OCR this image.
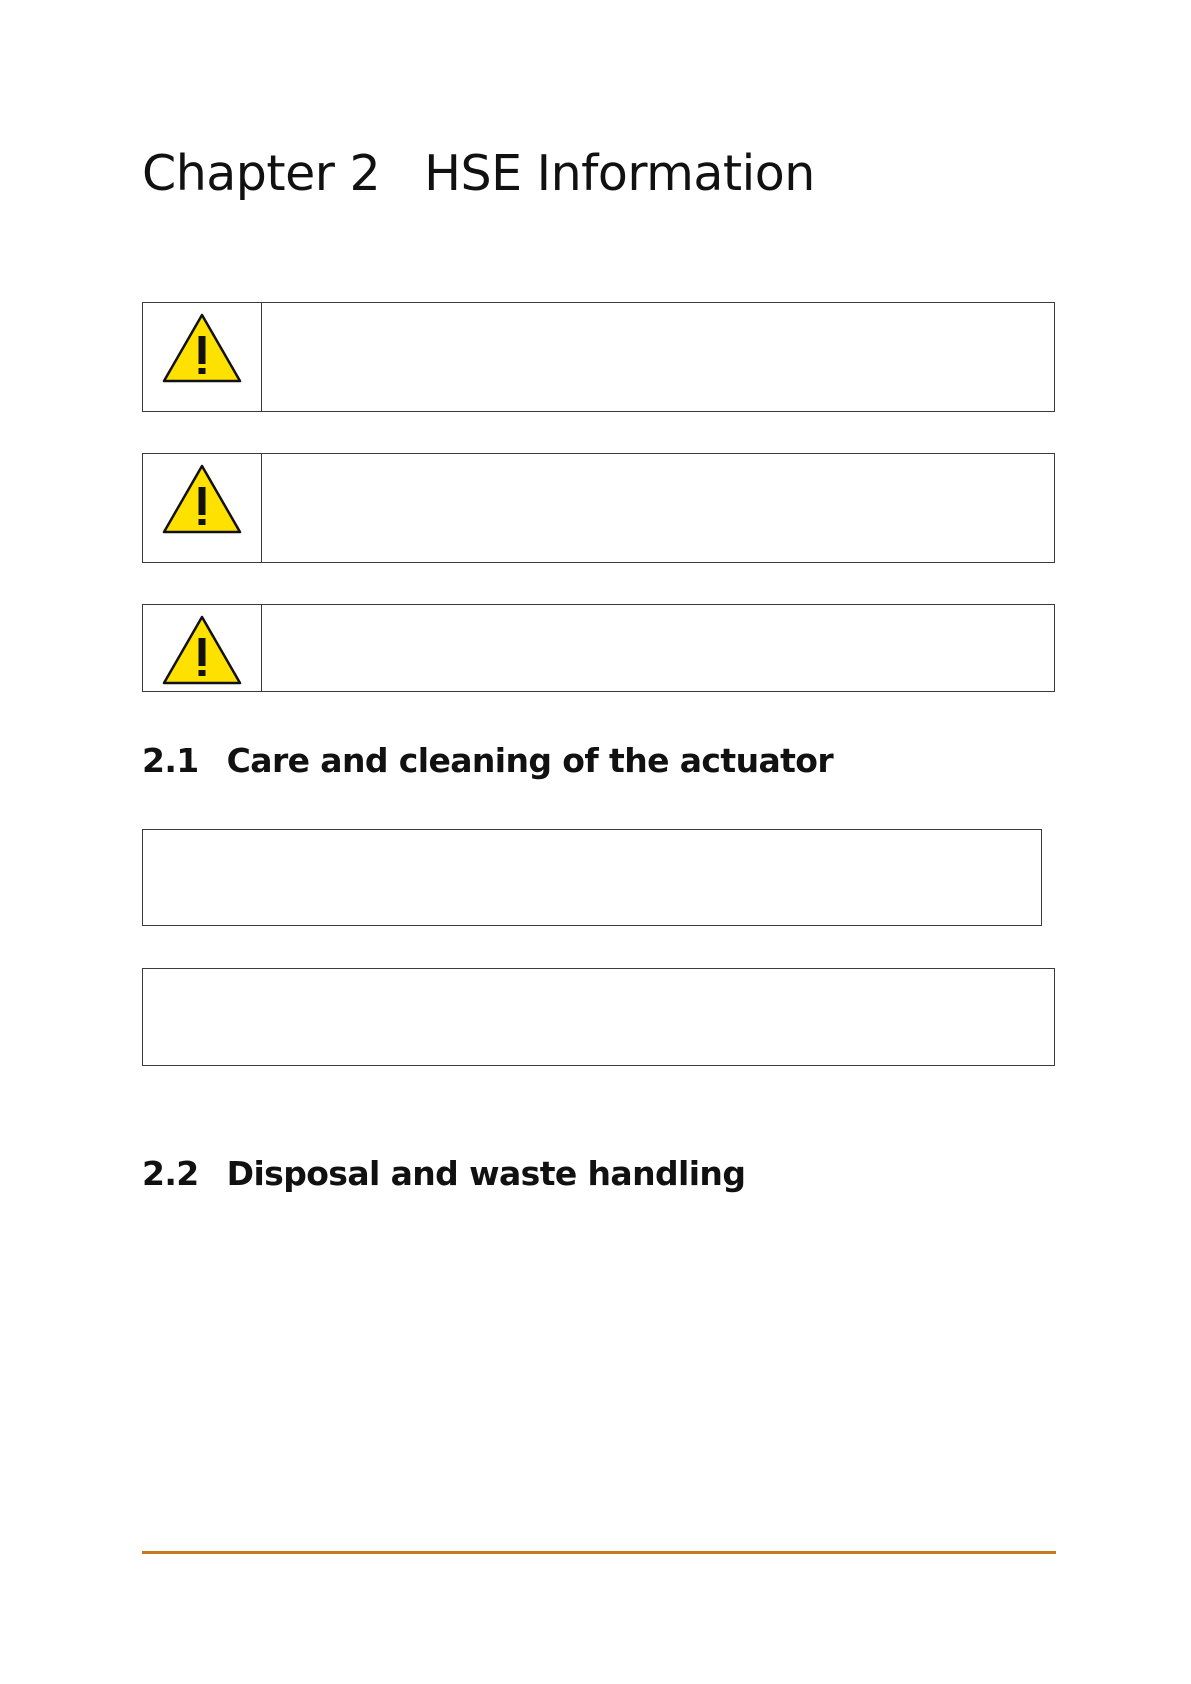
Chapter 2 HSE Information
2.1 Care and cleaning of the actuator
2.2 Disposal and waste handling
